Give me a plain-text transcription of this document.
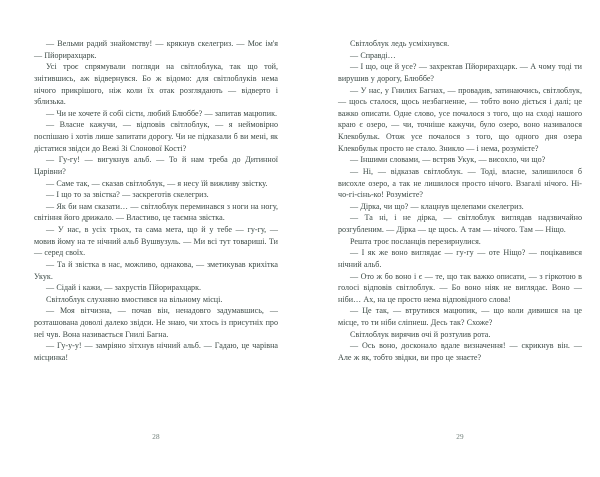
— Вельми радий знайомству! — крякнув скелегриз. — Моє ім'я — Пйорирахцарк.

Усі троє спрямували погляди на світлоблука, так що той, знітившись, аж відвернувся. Бо ж відомо: для світлоблуків нема нічого прикрішого, ніж коли їх отак розглядають — відверто і зблизька.

— Чи не хочете й собі сісти, любий Блюббе? — запитав мацюпик.

— Власне кажучи, — відповів світлоблук, — я неймовірно поспішаю і хотів лише запитати дорогу. Чи не підказали б ви мені, як дістатися звідси до Вежі Зі Слонової Кості?

— Гу-гу! — вигукнув альб. — То й нам треба до Дитинної Царівни?

— Саме так, — сказав світлоблук, — я несу їй вижливу звістку.

— І що то за звістка? — заскреготів скелегриз.

— Як би нам сказати… — світлоблук переминався з ноги на ногу, світіння його дрижало. — Властиво, це таємна звістка.

— У нас, в усіх трьох, та сама мета, що й у тебе — гу-гу, — мовив йому на те нічний альб Вушвузуль. — Ми всі тут товариші. Ти — серед своїх.

— Та й звістка в нас, можливо, однакова, — зметикував крихітка Укук.

— Сідай і кажи, — захрустів Пйорирахцарк.

Світлоблук слухняно вмостився на вільному місці.

— Моя вітчизна, — почав він, ненадовго задумавшись, — розташована доволі далеко звідси. Не знаю, чи хтось із присутніх про неї чув. Вона називається Гнилі Багна.

— Гу-у-у! — замріяно зітхнув нічний альб. — Гадаю, це чарівна місцинка!

28

Світлоблук ледь усміхнувся.

— Справді…

— І що, оце й усе? — захректав Пйорирахцарк. — А чому тоді ти вирушив у дорогу, Блюббе?

— У нас, у Гнилих Багнах, — провадив, затинаючись, світлоблук, — щось сталося, щось незбагненне, — тобто воно діється і далі; це важко описати. Одне слово, усе почалося з того, що на сході нашого краю є озеро, — чи, точніше кажучи, було озеро, воно називалося Клекобульк. Отож усе почалося з того, що одного дня озера Клекобульк просто не стало. Зникло — і нема, розумієте?

— Іншими словами, — встряв Укук, — висохло, чи що?

— Ні, — відказав світлоблук. — Тоді, власне, залишилося б висохле озеро, а так не лишилося просто нічого. Взагалі нічого. Ні-чо-гі-сінь-ко! Розумієте?

— Дірка, чи що? — клацнув щелепами скелегриз.

— Та ні, і не дірка, — світлоблук виглядав надзвичайно розгубленим. — Дірка — це щось. А там — нічого. Там — Ніщо.

Решта троє посланців перезирнулися.

— І як же воно виглядає — гу-гу — оте Ніщо? — поцікавився нічний альб.

— Ото ж бо воно і є — те, що так важко описати, — з гіркотою в голосі відповів світлоблук. — Бо воно ніяк не виглядає. Воно — ніби… Ах, на це просто нема відповідного слова!

— Це так, — втрутився мацюпик, — що коли дивишся на це місце, то ти ніби сліпнеш. Десь так? Схоже?

Світлоблук вирячив очі й розтулив рота.

— Ось воно, досконало вдале визначення! — скрикнув він. — Але ж як, тобто звідки, ви про це знаєте?

29
